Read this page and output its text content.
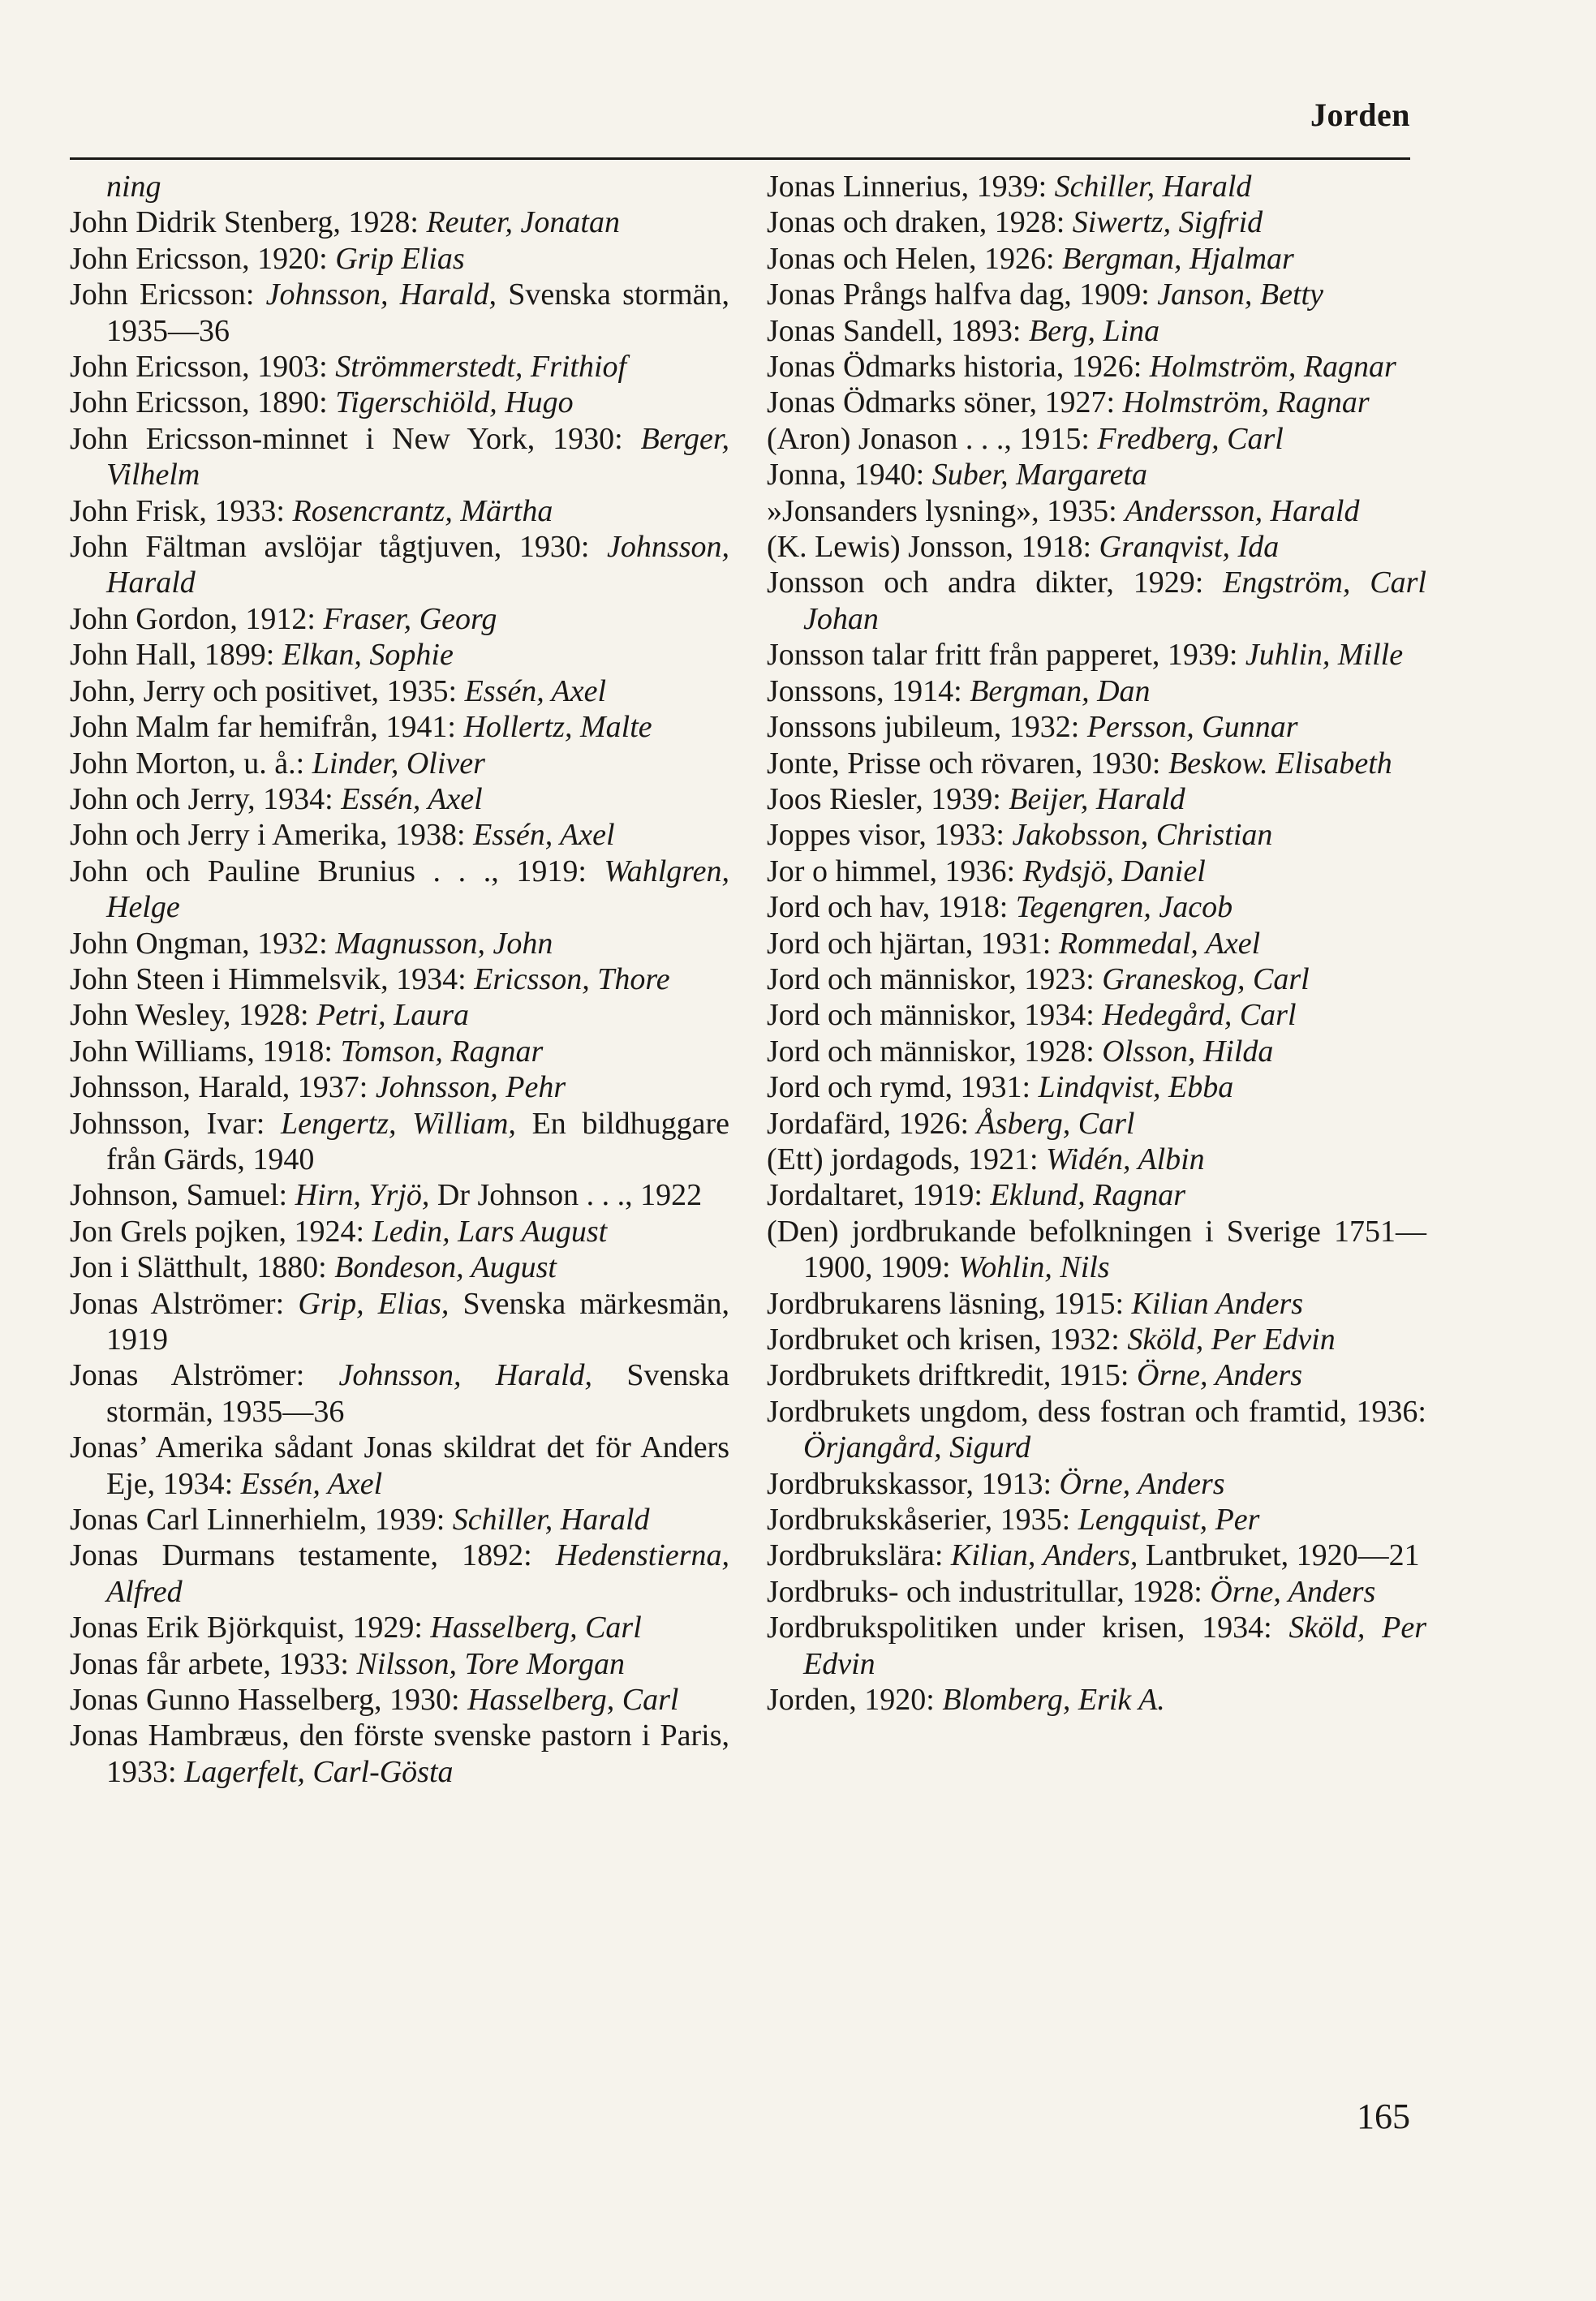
Jorden

ning

John Didrik Stenberg, 1928: Reuter, Jonatan

John Ericsson, 1920: Grip Elias

John Ericsson: Johnsson, Harald, Svenska stormän, 1935—36

John Ericsson, 1903: Strömmerstedt, Frithiof

John Ericsson, 1890: Tigerschiöld, Hugo

John Ericsson-minnet i New York, 1930: Berger, Vilhelm

John Frisk, 1933: Rosencrantz, Märtha

John Fältman avslöjar tågtjuven, 1930: Johnsson, Harald

John Gordon, 1912: Fraser, Georg

John Hall, 1899: Elkan, Sophie

John, Jerry och positivet, 1935: Essén, Axel

John Malm far hemifrån, 1941: Hollertz, Malte

John Morton, u. å.: Linder, Oliver

John och Jerry, 1934: Essén, Axel

John och Jerry i Amerika, 1938: Essén, Axel

John och Pauline Brunius . . ., 1919: Wahlgren, Helge

John Ongman, 1932: Magnusson, John

John Steen i Himmelsvik, 1934: Ericsson, Thore

John Wesley, 1928: Petri, Laura

John Williams, 1918: Tomson, Ragnar

Johnsson, Harald, 1937: Johnsson, Pehr

Johnsson, Ivar: Lengertz, William, En bildhuggare från Gärds, 1940

Johnson, Samuel: Hirn, Yrjö, Dr Johnson . . ., 1922

Jon Grels pojken, 1924: Ledin, Lars August

Jon i Slätthult, 1880: Bondeson, August

Jonas Alströmer: Grip, Elias, Svenska märkesmän, 1919

Jonas Alströmer: Johnsson, Harald, Svenska stormän, 1935—36

Jonas’ Amerika sådant Jonas skildrat det för Anders Eje, 1934: Essén, Axel

Jonas Carl Linnerhielm, 1939: Schiller, Harald

Jonas Durmans testamente, 1892: Hedenstierna, Alfred

Jonas Erik Björkquist, 1929: Hasselberg, Carl

Jonas får arbete, 1933: Nilsson, Tore Morgan

Jonas Gunno Hasselberg, 1930: Hasselberg, Carl

Jonas Hambræus, den förste svenske pastorn i Paris, 1933: Lagerfelt, Carl-Gösta

Jonas Linnerius, 1939: Schiller, Harald

Jonas och draken, 1928: Siwertz, Sigfrid

Jonas och Helen, 1926: Bergman, Hjalmar

Jonas Prångs halfva dag, 1909: Janson, Betty

Jonas Sandell, 1893: Berg, Lina

Jonas Ödmarks historia, 1926: Holmström, Ragnar

Jonas Ödmarks söner, 1927: Holmström, Ragnar

(Aron) Jonason . . ., 1915: Fredberg, Carl

Jonna, 1940: Suber, Margareta

»Jonsanders lysning», 1935: Andersson, Harald

(K. Lewis) Jonsson, 1918: Granqvist, Ida

Jonsson och andra dikter, 1929: Engström, Carl Johan

Jonsson talar fritt från papperet, 1939: Juhlin, Mille

Jonssons, 1914: Bergman, Dan

Jonssons jubileum, 1932: Persson, Gunnar

Jonte, Prisse och rövaren, 1930: Beskow. Elisabeth

Joos Riesler, 1939: Beijer, Harald

Joppes visor, 1933: Jakobsson, Christian

Jor o himmel, 1936: Rydsjö, Daniel

Jord och hav, 1918: Tegengren, Jacob

Jord och hjärtan, 1931: Rommedal, Axel

Jord och människor, 1923: Graneskog, Carl

Jord och människor, 1934: Hedegård, Carl

Jord och människor, 1928: Olsson, Hilda

Jord och rymd, 1931: Lindqvist, Ebba

Jordafärd, 1926: Åsberg, Carl

(Ett) jordagods, 1921: Widén, Albin

Jordaltaret, 1919: Eklund, Ragnar

(Den) jordbrukande befolkningen i Sverige 1751—1900, 1909: Wohlin, Nils

Jordbrukarens läsning, 1915: Kilian Anders

Jordbruket och krisen, 1932: Sköld, Per Edvin

Jordbrukets driftkredit, 1915: Örne, Anders

Jordbrukets ungdom, dess fostran och framtid, 1936: Örjangård, Sigurd

Jordbrukskassor, 1913: Örne, Anders

Jordbrukskåserier, 1935: Lengquist, Per

Jordbrukslära: Kilian, Anders, Lantbruket, 1920—21

Jordbruks- och industritullar, 1928: Örne, Anders

Jordbrukspolitiken under krisen, 1934: Sköld, Per Edvin

Jorden, 1920: Blomberg, Erik A.

165
